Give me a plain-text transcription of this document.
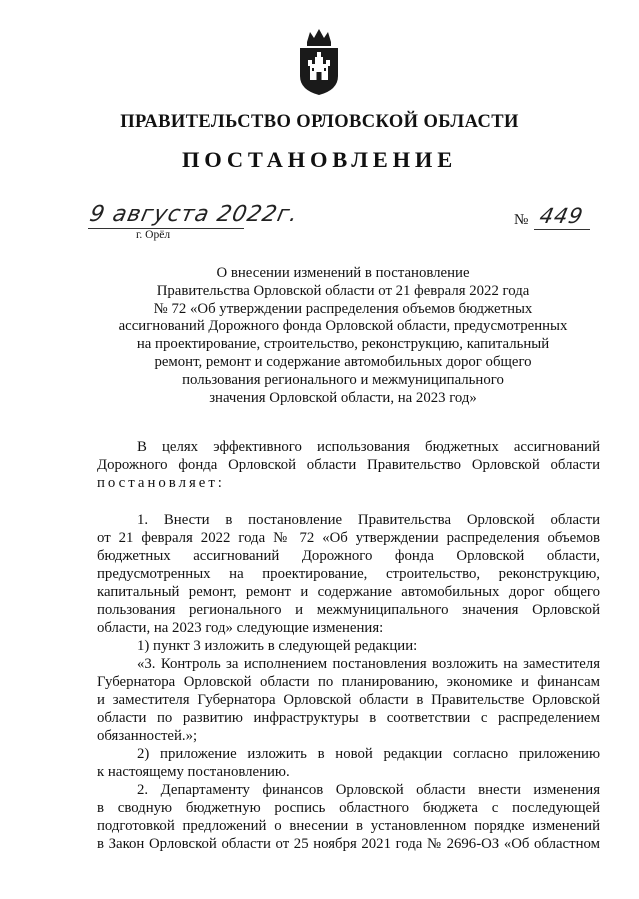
ПРАВИТЕЛЬСТВО ОРЛОВСКОЙ ОБЛАСТИ
ПОСТАНОВЛЕНИЕ
9 августа 2022г.
г. Орёл
№ 449
О внесении изменений в постановление
Правительства Орловской области от 21 февраля 2022 года
№ 72 «Об утверждении распределения объемов бюджетных
ассигнований Дорожного фонда Орловской области, предусмотренных
на проектирование, строительство, реконструкцию, капитальный
ремонт, ремонт и содержание автомобильных дорог общего
пользования регионального и межмуниципального
значения Орловской области, на 2023 год»
В целях эффективного использования бюджетных ассигнований
Дорожного фонда Орловской области Правительство Орловской области
постановляет:
1. Внести в постановление Правительства Орловской области
от 21 февраля 2022 года № 72 «Об утверждении распределения объемов
бюджетных ассигнований Дорожного фонда Орловской области,
предусмотренных на проектирование, строительство, реконструкцию,
капитальный ремонт, ремонт и содержание автомобильных дорог общего
пользования регионального и межмуниципального значения Орловской
области, на 2023 год» следующие изменения:
1) пункт 3 изложить в следующей редакции:
«3. Контроль за исполнением постановления возложить на заместителя
Губернатора Орловской области по планированию, экономике и финансам
и заместителя Губернатора Орловской области в Правительстве Орловской
области по развитию инфраструктуры в соответствии с распределением
обязанностей.»;
2) приложение изложить в новой редакции согласно приложению
к настоящему постановлению.
2. Департаменту финансов Орловской области внести изменения
в сводную бюджетную роспись областного бюджета с последующей
подготовкой предложений о внесении в установленном порядке изменений
в Закон Орловской области от 25 ноября 2021 года № 2696-ОЗ «Об областном
